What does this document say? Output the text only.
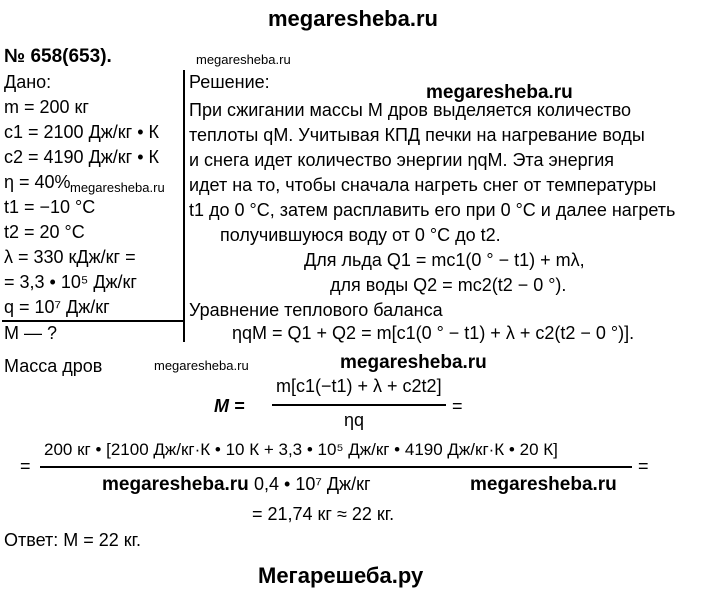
megaresheba.ru
№ 658(653).	megaresheba.ru
Дано:
m = 200 кг
c1 = 2100 Дж/кг • К
c2 = 4190 Дж/кг • К
η = 40% megaresheba.ru
t1 = −10 °C
t2 = 20 °C
λ = 330 кДж/кг =
= 3,3 • 10⁵ Дж/кг
q = 10⁷ Дж/кг
M — ?
Решение:	megaresheba.ru
При сжигании массы M дров выделяется количество
теплоты qM. Учитывая КПД печки на нагревание воды
и снега идет количество энергии ηqM. Эта энергия
идет на то, чтобы сначала нагреть снег от температуры
t1 до 0 °C, затем расплавить его при 0 °C и далее нагреть
получившуюся воду от 0 °C до t2.
Для льда Q1 = mc1(0 ° − t1) + mλ,
для воды Q2 = mc2(t2 − 0 °).
Уравнение теплового баланса
ηqM = Q1 + Q2 = m[c1(0 ° − t1) + λ + c2(t2 − 0 °)].
Масса дров	megaresheba.ru	megaresheba.ru
M =
m[c1(−t1) + λ + c2t2]
ηq
=
=
200 кг • [2100 Дж/кг·К • 10 К + 3,3 • 10⁵ Дж/кг • 4190 Дж/кг·К • 20 К]
0,4 • 10⁷ Дж/кг
=
megaresheba.ru	megaresheba.ru
= 21,74 кг ≈ 22 кг.
Ответ: M = 22 кг.
Мегарешеба.ру
